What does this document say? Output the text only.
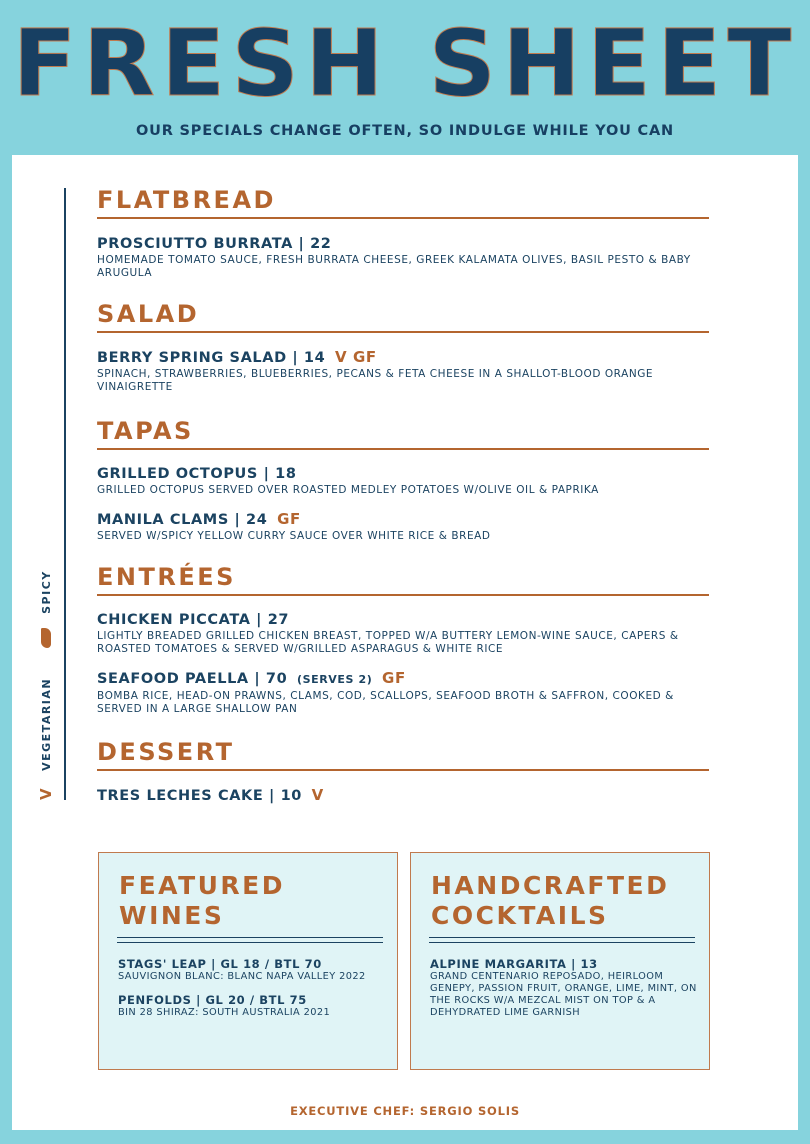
FRESH SHEET
OUR SPECIALS CHANGE OFTEN, SO INDULGE WHILE YOU CAN
V
VEGETARIAN
SPICY
FLATBREAD
PROSCIUTTO BURRATA | 22
HOMEMADE TOMATO SAUCE, FRESH BURRATA CHEESE, GREEK KALAMATA OLIVES, BASIL PESTO & BABY ARUGULA
SALAD
BERRY SPRING SALAD | 14 V GF
SPINACH, STRAWBERRIES, BLUEBERRIES, PECANS & FETA CHEESE IN A SHALLOT-BLOOD ORANGE VINAIGRETTE
TAPAS
GRILLED OCTOPUS | 18
GRILLED OCTOPUS SERVED OVER ROASTED MEDLEY POTATOES W/OLIVE OIL & PAPRIKA
MANILA CLAMS | 24 GF
SERVED W/SPICY YELLOW CURRY SAUCE OVER WHITE RICE & BREAD
ENTRÉES
CHICKEN PICCATA | 27
LIGHTLY BREADED GRILLED CHICKEN BREAST, TOPPED W/A BUTTERY LEMON-WINE SAUCE, CAPERS & ROASTED TOMATOES & SERVED W/GRILLED ASPARAGUS & WHITE RICE
SEAFOOD PAELLA | 70 (SERVES 2) GF
BOMBA RICE, HEAD-ON PRAWNS, CLAMS, COD, SCALLOPS, SEAFOOD BROTH & SAFFRON, COOKED & SERVED IN A LARGE SHALLOW PAN
DESSERT
TRES LECHES CAKE | 10 V
FEATURED
WINES
STAGS' LEAP | GL 18 / BTL 70
SAUVIGNON BLANC: BLANC NAPA VALLEY 2022
PENFOLDS | GL 20 / BTL 75
BIN 28 SHIRAZ: SOUTH AUSTRALIA 2021
HANDCRAFTED
COCKTAILS
ALPINE MARGARITA | 13
GRAND CENTENARIO REPOSADO, HEIRLOOM GENEPY, PASSION FRUIT, ORANGE, LIME, MINT, ON THE ROCKS W/A MEZCAL MIST ON TOP & A DEHYDRATED LIME GARNISH
EXECUTIVE CHEF: SERGIO SOLIS
